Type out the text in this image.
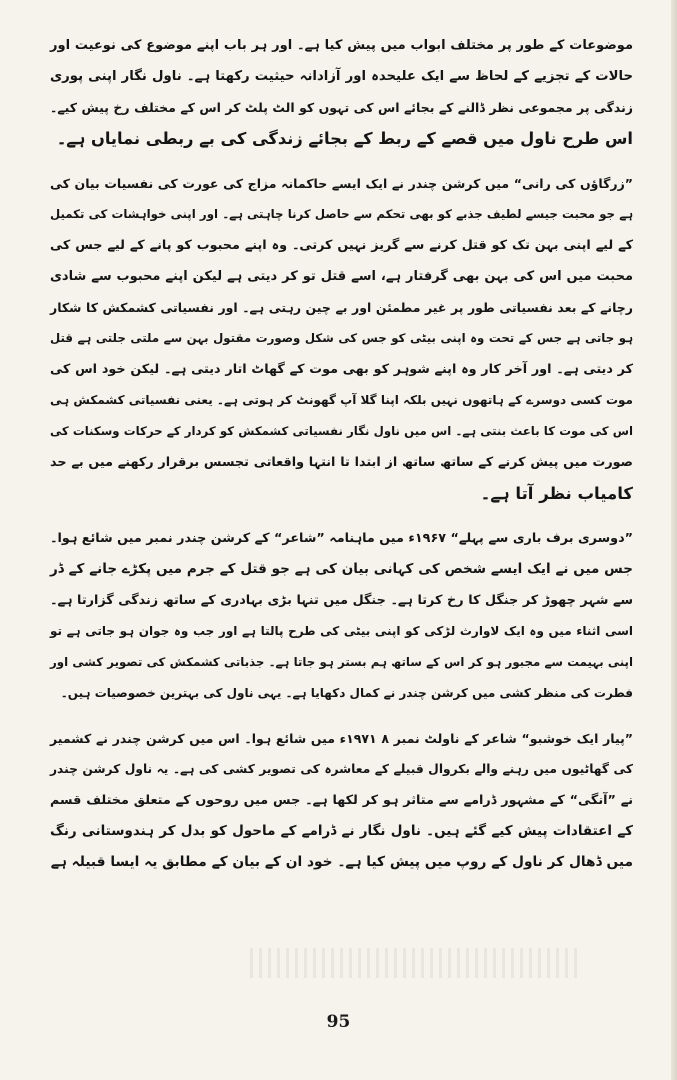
موضوعات کے طور پر مختلف ابواب میں پیش کیا ہے۔ اور ہر باب اپنے موضوع کی نوعیت اور
حالات کے تجزیے کے لحاظ سے ایک علیحدہ اور آزادانہ حیثیت رکھتا ہے۔ ناول نگار اپنی پوری
زندگی پر مجموعی نظر ڈالنے کے بجائے اس کی تہوں کو الٹ پلٹ کر اس کے مختلف رخ پیش کیے۔
اس طرح ناول میں قصے کے ربط کے بجائے زندگی کی بے ربطی نمایاں ہے۔
”زرگاؤں کی رانی“ میں کرشن چندر نے ایک ایسے حاکمانہ مزاج کی عورت کی نفسیات بیان کی
ہے جو محبت جیسے لطیف جذبے کو بھی تحکم سے حاصل کرنا چاہتی ہے۔ اور اپنی خواہشات کی تکمیل
کے لیے اپنی بہن تک کو قتل کرنے سے گریز نہیں کرتی۔ وہ اپنے محبوب کو پانے کے لیے جس کی
محبت میں اس کی بہن بھی گرفتار ہے، اسے قتل تو کر دیتی ہے لیکن اپنے محبوب سے شادی
رچانے کے بعد نفسیاتی طور پر غیر مطمئن اور بے چین رہتی ہے۔ اور نفسیاتی کشمکش کا شکار
ہو جاتی ہے جس کے تحت وہ اپنی بیٹی کو جس کی شکل وصورت مقتول بہن سے ملتی جلتی ہے قتل
کر دیتی ہے۔ اور آخر کار وہ اپنے شوہر کو بھی موت کے گھاٹ اتار دیتی ہے۔ لیکن خود اس کی
موت کسی دوسرے کے ہاتھوں نہیں بلکہ اپنا گلا آپ گھونٹ کر ہوتی ہے۔ یعنی نفسیاتی کشمکش ہی
اس کی موت کا باعث بنتی ہے۔ اس میں ناول نگار نفسیاتی کشمکش کو کردار کے حرکات وسکنات کی
صورت میں پیش کرنے کے ساتھ ساتھ از ابتدا تا انتہا واقعاتی تجسس برقرار رکھنے میں بے حد
کامیاب نظر آتا ہے۔
”دوسری برف باری سے پہلے“ ۱۹۶۷ء میں ماہنامہ ”شاعر“ کے کرشن چندر نمبر میں شائع ہوا۔
جس میں نے ایک ایسے شخص کی کہانی بیان کی ہے جو قتل کے جرم میں پکڑے جانے کے ڈر
سے شہر چھوڑ کر جنگل کا رخ کرتا ہے۔ جنگل میں تنہا بڑی بہادری کے ساتھ زندگی گزارتا ہے۔
اسی اثناء میں وہ ایک لاوارث لڑکی کو اپنی بیٹی کی طرح پالتا ہے اور جب وہ جوان ہو جاتی ہے تو
اپنی بہیمت سے مجبور ہو کر اس کے ساتھ ہم بستر ہو جاتا ہے۔ جذباتی کشمکش کی تصویر کشی اور
فطرت کی منظر کشی میں کرشن چندر نے کمال دکھایا ہے۔ یہی ناول کی بہترین خصوصیات ہیں۔
”پیار ایک خوشبو“ شاعر کے ناولٹ نمبر ۸ ۱۹۷۱ء میں شائع ہوا۔ اس میں کرشن چندر نے کشمیر
کی گھاٹیوں میں رہنے والے بکروال قبیلے کے معاشرہ کی تصویر کشی کی ہے۔ یہ ناول کرشن چندر
نے ”آنگی“ کے مشہور ڈرامے سے متاثر ہو کر لکھا ہے۔ جس میں روحوں کے متعلق مختلف قسم
کے اعتقادات پیش کیے گئے ہیں۔ ناول نگار نے ڈرامے کے ماحول کو بدل کر ہندوستانی رنگ
میں ڈھال کر ناول کے روپ میں پیش کیا ہے۔ خود ان کے بیان کے مطابق یہ ایسا قبیلہ ہے
95
